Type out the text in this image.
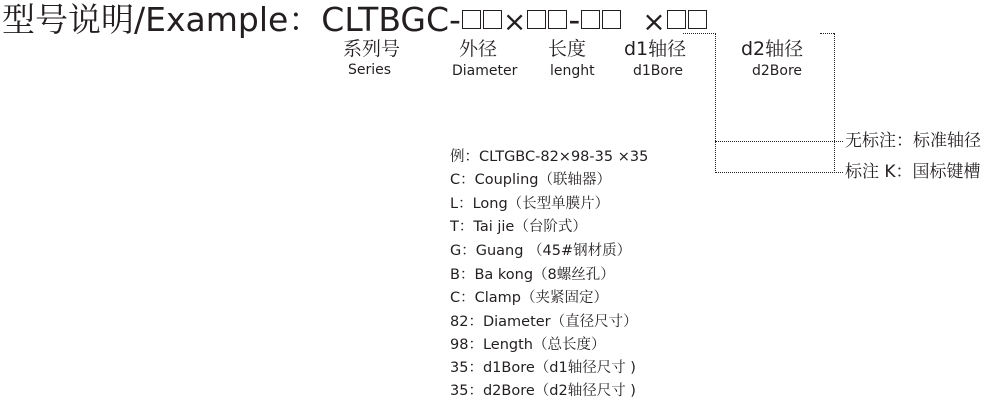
型号说明/Example：CLTBGC- × - ×
系列号
Series
外径
Diameter
长度
lenght
d1轴径
d1Bore
d2轴径
d2Bore
无标注：标准轴径
标注 K：国标键槽
例：CLTGBC-82×98-35 ×35
C：Coupling（联轴器）
L：Long（长型单膜片）
T：Tai jie（台阶式）
G：Guang （45#钢材质）
B：Ba kong（8螺丝孔）
C：Clamp（夹紧固定）
82：Diameter（直径尺寸）
98：Length（总长度）
35：d1Bore（d1轴径尺寸 )
35：d2Bore（d2轴径尺寸 )
